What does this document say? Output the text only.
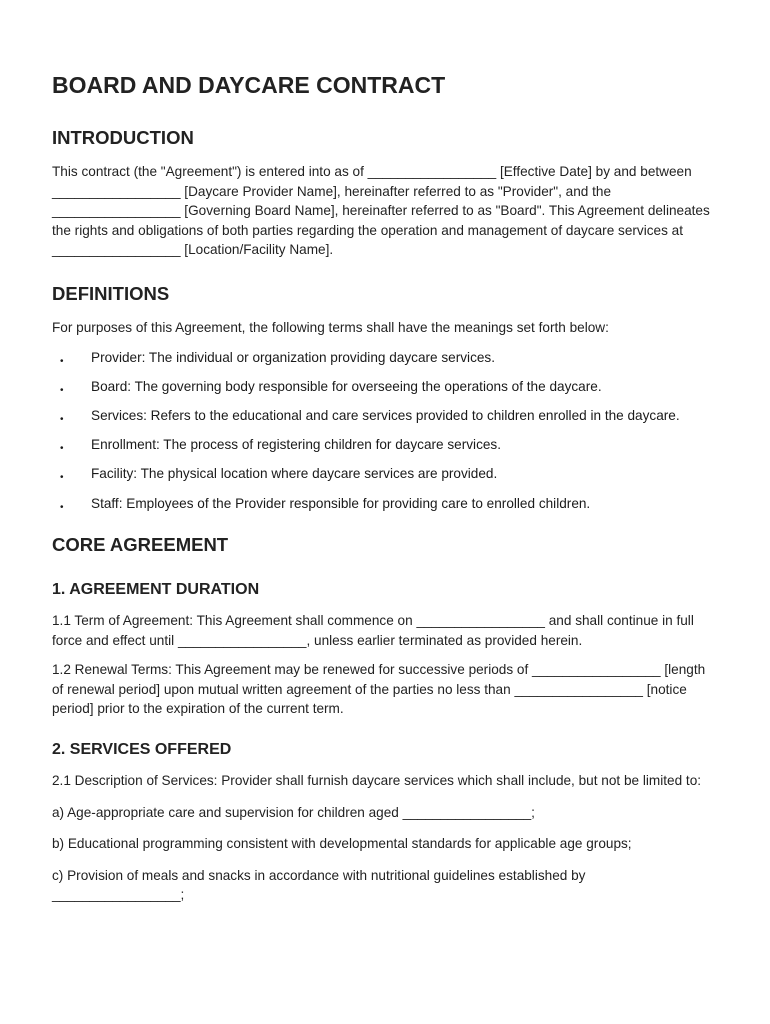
BOARD AND DAYCARE CONTRACT
INTRODUCTION

This contract (the "Agreement") is entered into as of _________________ [Effective Date] by and between _________________ [Daycare Provider Name], hereinafter referred to as "Provider", and the _________________ [Governing Board Name], hereinafter referred to as "Board". This Agreement delineates the rights and obligations of both parties regarding the operation and management of daycare services at _________________ [Location/Facility Name].

DEFINITIONS

For purposes of this Agreement, the following terms shall have the meanings set forth below:

• Provider: The individual or organization providing daycare services.
• Board: The governing body responsible for overseeing the operations of the daycare.
• Services: Refers to the educational and care services provided to children enrolled in the daycare.
• Enrollment: The process of registering children for daycare services.
• Facility: The physical location where daycare services are provided.
• Staff: Employees of the Provider responsible for providing care to enrolled children.
CORE AGREEMENT
1. AGREEMENT DURATION

1.1 Term of Agreement: This Agreement shall commence on _________________ and shall continue in full force and effect until _________________, unless earlier terminated as provided herein.

1.2 Renewal Terms: This Agreement may be renewed for successive periods of _________________ [length of renewal period] upon mutual written agreement of the parties no less than _________________ [notice period] prior to the expiration of the current term.

2. SERVICES OFFERED

2.1 Description of Services: Provider shall furnish daycare services which shall include, but not be limited to:

a) Age-appropriate care and supervision for children aged _________________;

b) Educational programming consistent with developmental standards for applicable age groups;

c) Provision of meals and snacks in accordance with nutritional guidelines established by _________________;
